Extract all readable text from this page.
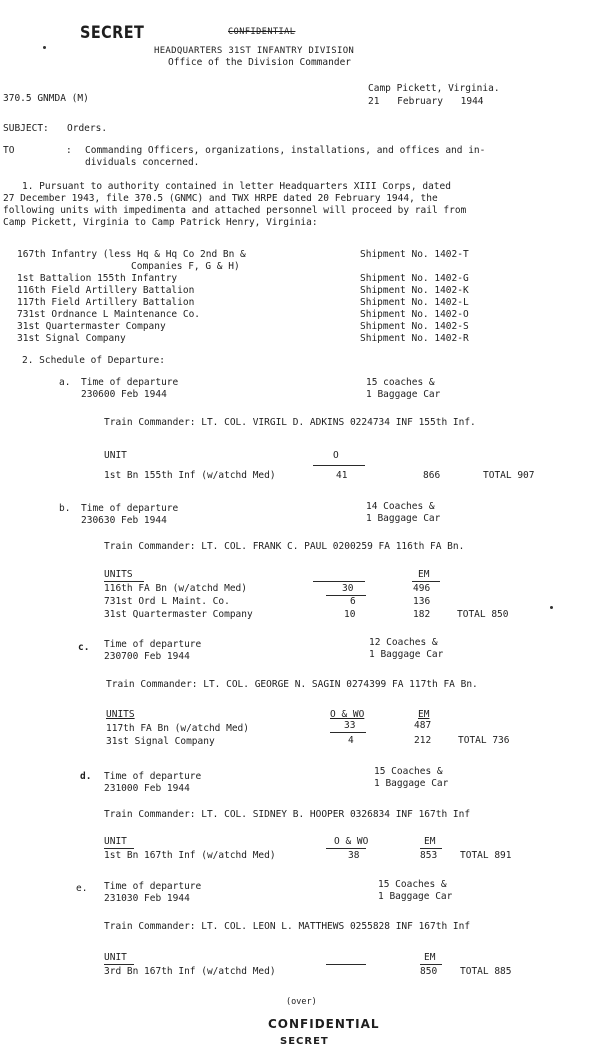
SECRET	CONFIDENTIAL
HEADQUARTERS 31ST INFANTRY DIVISION
Office of the Division Commander
370.5 GNMDA (M)
Camp Pickett, Virginia.
21 February 1944
SUBJECT: Orders.
TO	: Commanding Officers, organizations, installations, and offices and in-
dividuals concerned.
1. Pursuant to authority contained in letter Headquarters XIII Corps, dated
27 December 1943, file 370.5 (GNMC) and TWX HRPE dated 20 February 1944, the
following units with impedimenta and attached personnel will proceed by rail from
Camp Pickett, Virginia to Camp Patrick Henry, Virginia:
167th Infantry (less Hq & Hq Co 2nd Bn &	Shipment No. 1402-T
Companies F, G & H)
1st Battalion 155th Infantry	Shipment No. 1402-G
116th Field Artillery Battalion	Shipment No. 1402-K
117th Field Artillery Battalion	Shipment No. 1402-L
731st Ordnance L Maintenance Co.	Shipment No. 1402-O
31st Quartermaster Company	Shipment No. 1402-S
31st Signal Company	Shipment No. 1402-R
2. Schedule of Departure:
a. Time of departure
230600 Feb 1944
15 coaches &
1 Baggage Car
Train Commander: LT. COL. VIRGIL D. ADKINS 0224734 INF 155th Inf.
UNIT	O
1st Bn 155th Inf (w/atchd Med)	41	866	TOTAL 907
b. Time of departure
230630 Feb 1944
14 Coaches &
1 Baggage Car
Train Commander: LT. COL. FRANK C. PAUL 0200259 FA 116th FA Bn.
UNITS	EM
116th FA Bn (w/atchd Med)	30	496
731st Ord L Maint. Co.	6	136
31st Quartermaster Company	10	182	TOTAL 850
c. Time of departure
230700 Feb 1944
12 Coaches &
1 Baggage Car
Train Commander: LT. COL. GEORGE N. SAGIN 0274399 FA 117th FA Bn.
UNITS	O & WO	EM
117th FA Bn (w/atchd Med)	33	487
31st Signal Company	4	212	TOTAL 736
d. Time of departure
231000 Feb 1944
15 Coaches &
1 Baggage Car
Train Commander: LT. COL. SIDNEY B. HOOPER 0326834 INF 167th Inf
UNIT	O & WO	EM
1st Bn 167th Inf (w/atchd Med)	38	853 TOTAL 891
e. Time of departure
231030 Feb 1944
15 Coaches &
1 Baggage Car
Train Commander: LT. COL. LEON L. MATTHEWS 0255828 INF 167th Inf
UNIT	EM
3rd Bn 167th Inf (w/atchd Med)	850 TOTAL 885
(over)
CONFIDENTIAL
SECRET
